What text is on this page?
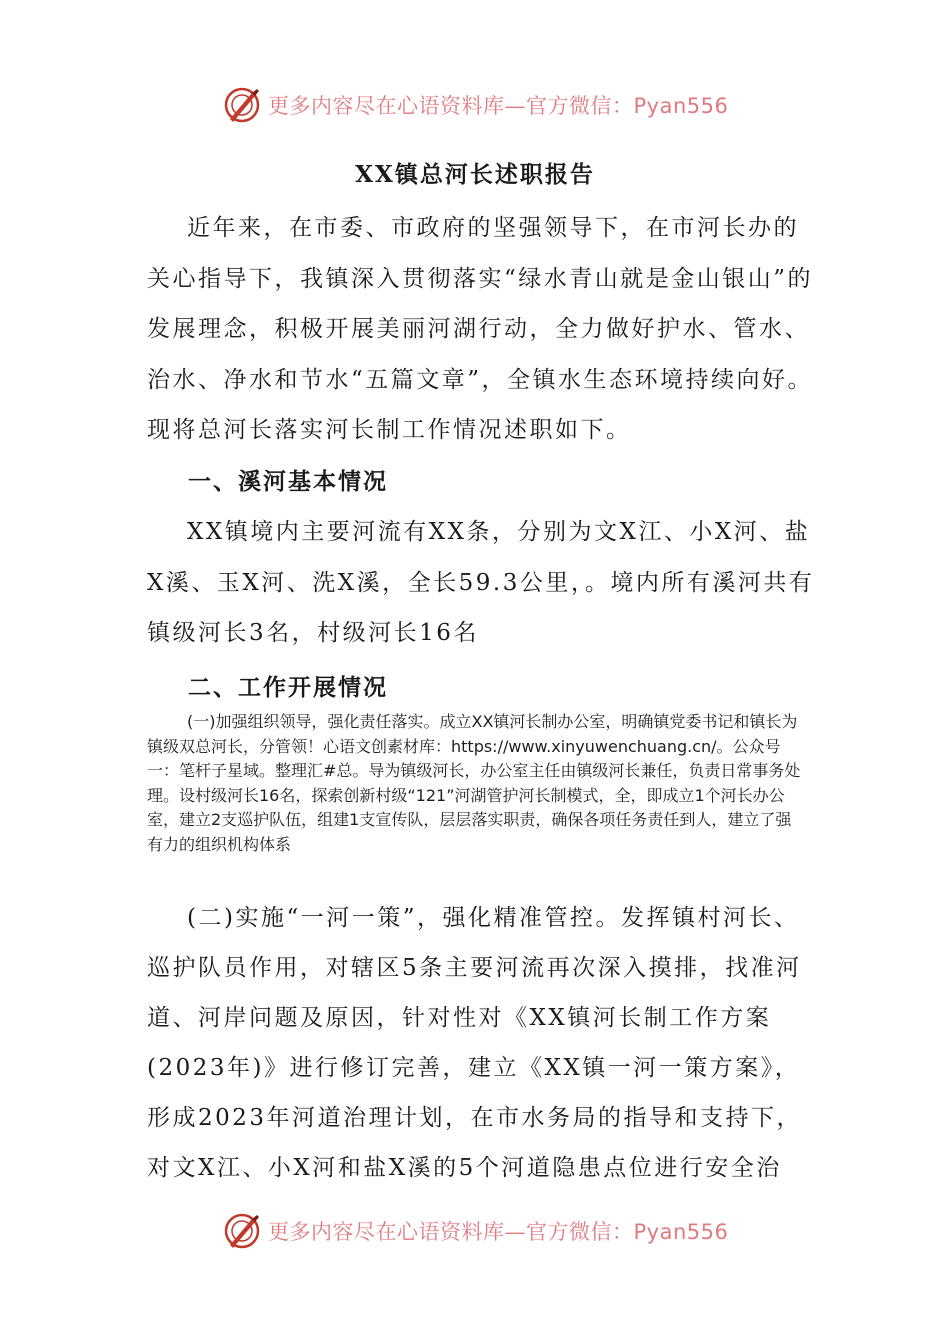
更多内容尽在心语资料库—官方微信：Pyan556
XX镇总河长述职报告

近年来，在市委、市政府的坚强领导下，在市河长办的关心指导下，我镇深入贯彻落实“绿水青山就是金山银山”的发展理念，积极开展美丽河湖行动，全力做好护水、管水、治水、净水和节水“五篇文章”，全镇水生态环境持续向好。现将总河长落实河长制工作情况述职如下。

一、溪河基本情况

XX镇境内主要河流有XX条，分别为文X江、小X河、盐X溪、玉X河、洗X溪，全长59.3公里，。境内所有溪河共有镇级河长3名，村级河长16名

二、工作开展情况

(一)加强组织领导，强化责任落实。成立XX镇河长制办公室，明确镇党委书记和镇长为镇级双总河长，分管领！心语文创素材库：https://www.xinyuwenchuang.cn/。公众号一：笔杆子星域。整理汇#总。导为镇级河长，办公室主任由镇级河长兼任，负责日常事务处理。设村级河长16名，探索创新村级“121”河湖管护河长制模式，全，即成立1个河长办公室，建立2支巡护队伍，组建1支宣传队，层层落实职责，确保各项任务责任到人，建立了强有力的组织机构体系

(二)实施“一河一策”，强化精准管控。发挥镇村河长、巡护队员作用，对辖区5条主要河流再次深入摸排，找准河道、河岸问题及原因，针对性对《XX镇河长制工作方案(2023年)》进行修订完善，建立《XX镇一河一策方案》，形成2023年河道治理计划，在市水务局的指导和支持下，对文X江、小X河和盐X溪的5个河道隐患点位进行安全治

更多内容尽在心语资料库—官方微信：Pyan556
